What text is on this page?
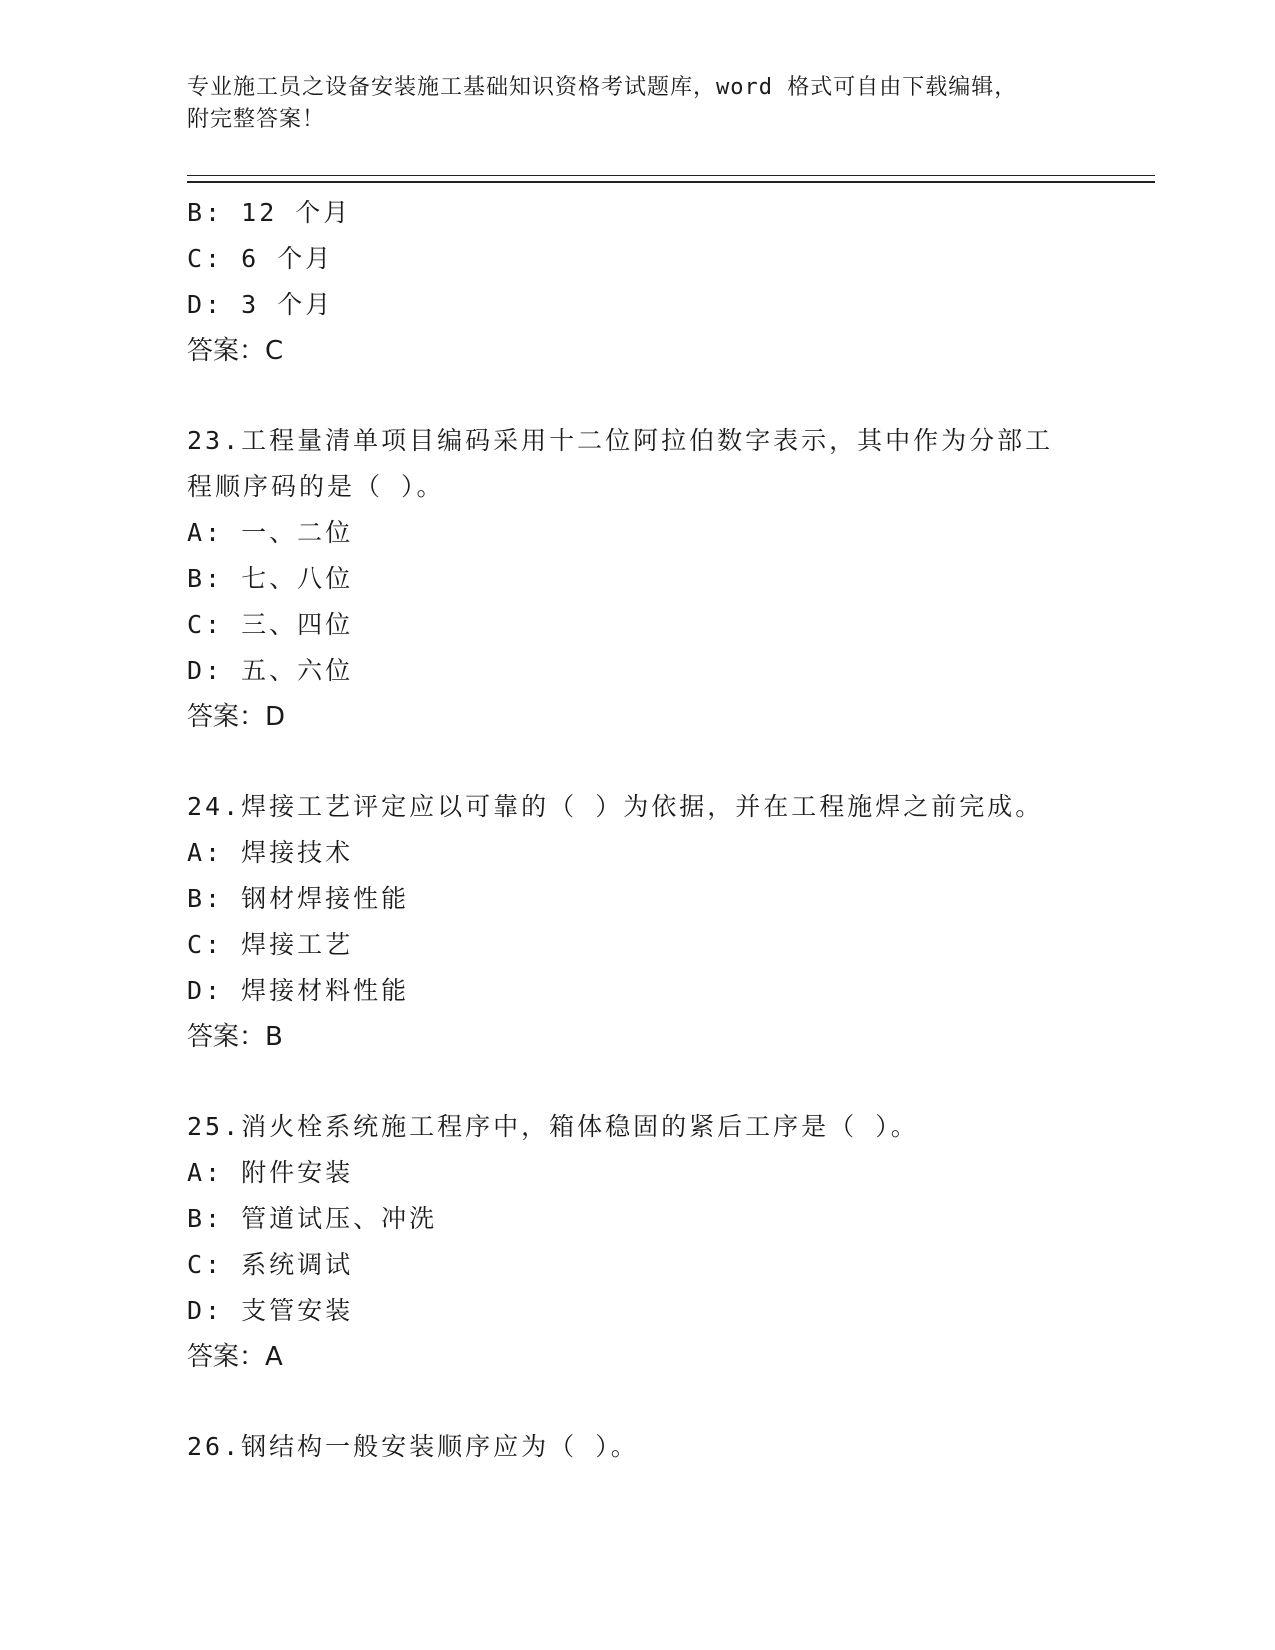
专业施工员之设备安装施工基础知识资格考试题库，word 格式可自由下载编辑，
附完整答案！
B: 12 个月
C: 6 个月
D: 3 个月
答案：C
23.工程量清单项目编码采用十二位阿拉伯数字表示，其中作为分部工
程顺序码的是（ ）。
A: 一、二位
B: 七、八位
C: 三、四位
D: 五、六位
答案：D
24.焊接工艺评定应以可靠的（ ）为依据，并在工程施焊之前完成。
A: 焊接技术
B: 钢材焊接性能
C: 焊接工艺
D: 焊接材料性能
答案：B
25.消火栓系统施工程序中，箱体稳固的紧后工序是（ ）。
A: 附件安装
B: 管道试压、冲洗
C: 系统调试
D: 支管安装
答案：A
26.钢结构一般安装顺序应为（ ）。
